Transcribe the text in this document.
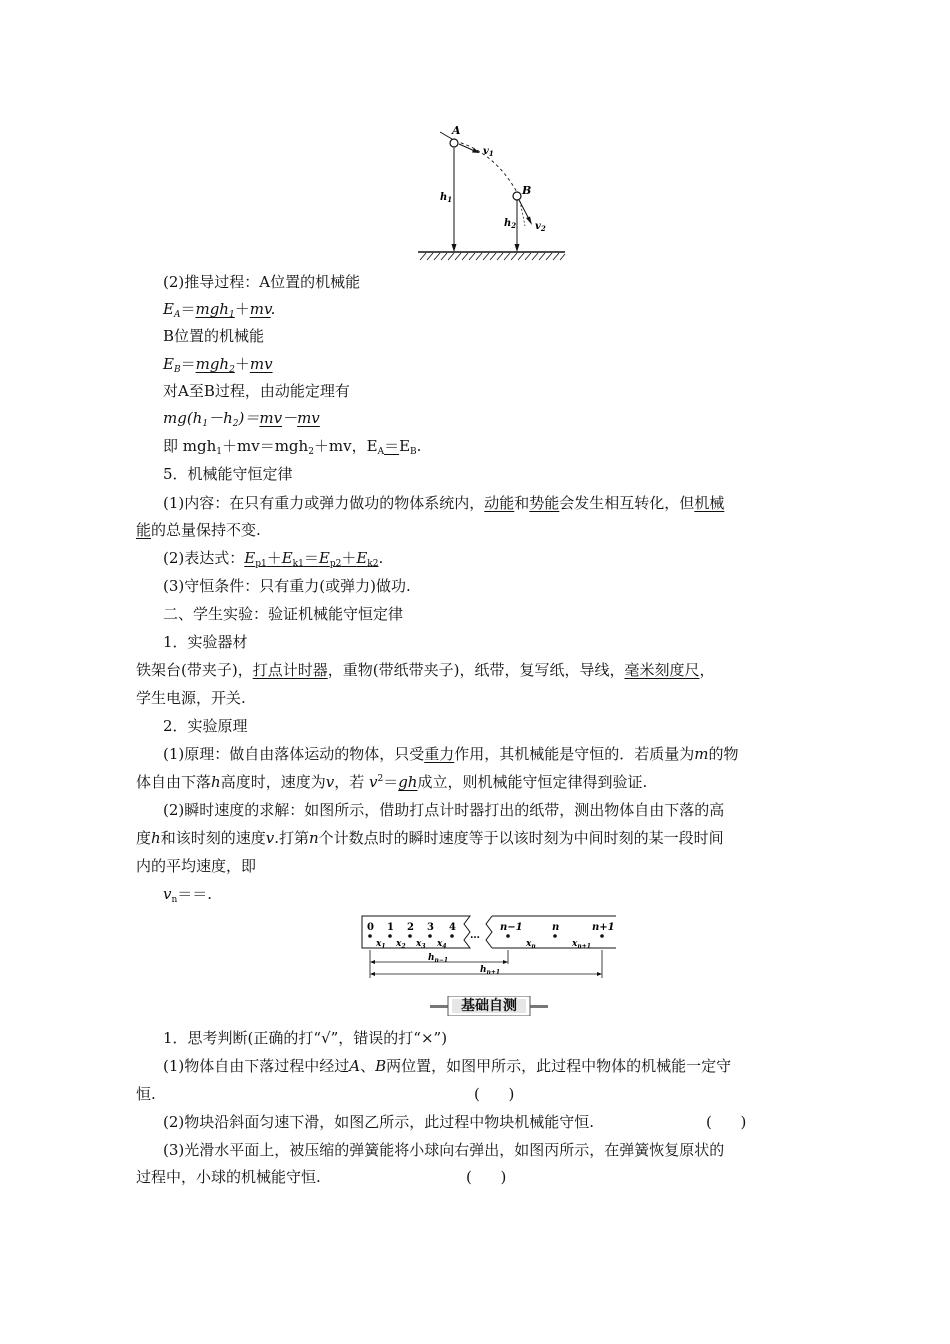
A
B
$v_1$
$v_2$
$h_1$
$h_2$
(2)推导过程：A位置的机械能
$E_A=mgh_1+mv$.
B位置的机械能
$E_B=mgh_2+mv$
对A至B过程，由动能定理有
$mg(h_1-h_2)=mv-mv$
即 mgh$_1$＋mv＝mgh$_2$＋mv，$E_A=E_B$.
5．机械能守恒定律
(1)内容：在只有重力或弹力做功的物体系统内，动能和势能会发生相互转化，但机械
能的总量保持不变.
(2)表达式：$E_{p1}+E_{k1}=E_{p2}+E_{k2}$.
(3)守恒条件：只有重力(或弹力)做功.
二、学生实验：验证机械能守恒定律
1．实验器材
铁架台(带夹子)，打点计时器，重物(带纸带夹子)，纸带，复写纸，导线，毫米刻度尺，
学生电源，开关.
2．实验原理
(1)原理：做自由落体运动的物体，只受重力作用，其机械能是守恒的．若质量为m的物
体自由下落h高度时，速度为v，若 $v^2=gh$成立，则机械能守恒定律得到验证.
(2)瞬时速度的求解：如图所示，借助打点计时器打出的纸带，测出物体自由下落的高
度h和该时刻的速度v.打第n个计数点时的瞬时速度等于以该时刻为中间时刻的某一段时间
内的平均速度，即
$v_n==$.
0 1 2 3 4
…
n−1	n	n+1
$x_1$ $x_2$ $x_3$ $x_4$	$x_n$	$x_{n+1}$
$h_{n-1}$
$h_{n+1}$
基础自测
1．思考判断(正确的打“√”，错误的打“×”)
(1)物体自由下落过程中经过A、B两位置，如图甲所示，此过程中物体的机械能一定守
恒.	(      )
(2)物块沿斜面匀速下滑，如图乙所示，此过程中物块机械能守恒.	(      )
(3)光滑水平面上，被压缩的弹簧能将小球向右弹出，如图丙所示，在弹簧恢复原状的
过程中，小球的机械能守恒.	(      )
